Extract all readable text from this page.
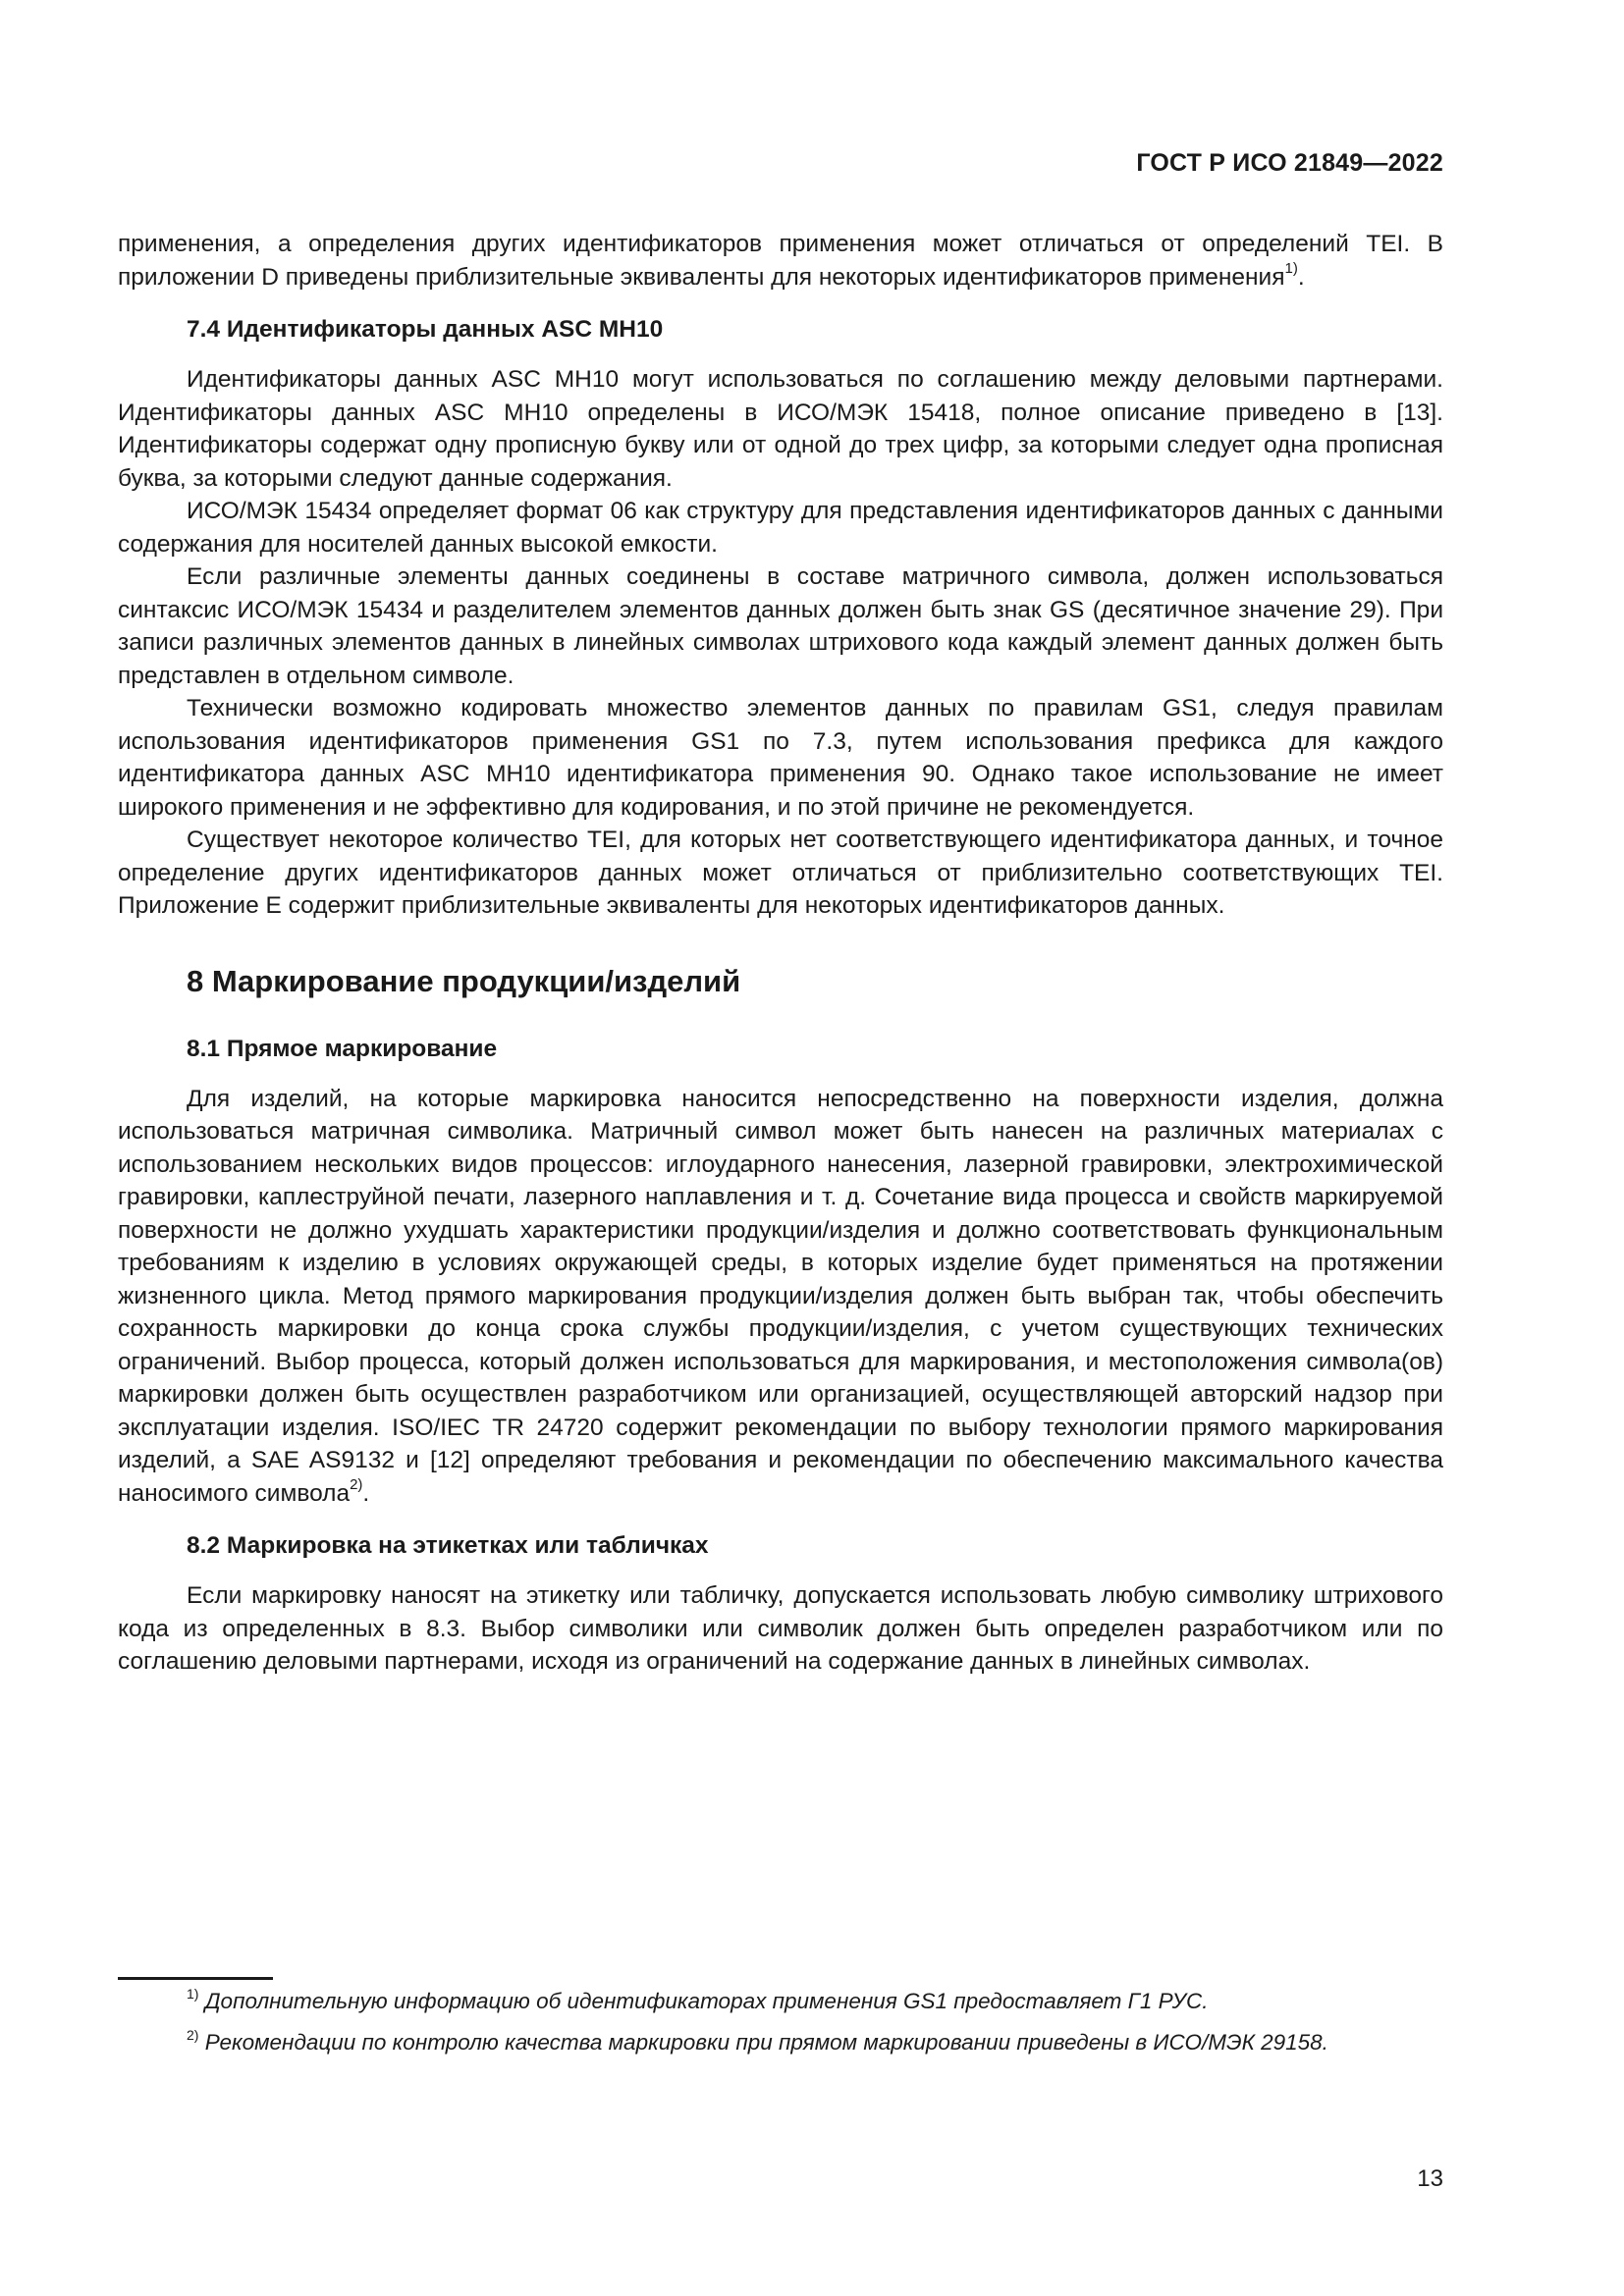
ГОСТ Р ИСО 21849—2022

применения, а определения других идентификаторов применения может отличаться от определений TEI. В приложении D приведены приблизительные эквиваленты для некоторых идентификаторов применения$^{1)}$.

7.4 Идентификаторы данных ASC MH10

Идентификаторы данных ASC MH10 могут использоваться по соглашению между деловыми партнерами. Идентификаторы данных ASC MH10 определены в ИСО/МЭК 15418, полное описание приведено в [13]. Идентификаторы содержат одну прописную букву или от одной до трех цифр, за которыми следует одна прописная буква, за которыми следуют данные содержания.

ИСО/МЭК 15434 определяет формат 06 как структуру для представления идентификаторов данных с данными содержания для носителей данных высокой емкости.

Если различные элементы данных соединены в составе матричного символа, должен использоваться синтаксис ИСО/МЭК 15434 и разделителем элементов данных должен быть знак GS (десятичное значение 29). При записи различных элементов данных в линейных символах штрихового кода каждый элемент данных должен быть представлен в отдельном символе.

Технически возможно кодировать множество элементов данных по правилам GS1, следуя правилам использования идентификаторов применения GS1 по 7.3, путем использования префикса для каждого идентификатора данных ASC MH10 идентификатора применения 90. Однако такое использование не имеет широкого применения и не эффективно для кодирования, и по этой причине не рекомендуется.

Существует некоторое количество TEI, для которых нет соответствующего идентификатора данных, и точное определение других идентификаторов данных может отличаться от приблизительно соответствующих TEI. Приложение Е содержит приблизительные эквиваленты для некоторых идентификаторов данных.

8 Маркирование продукции/изделий
8.1 Прямое маркирование

Для изделий, на которые маркировка наносится непосредственно на поверхности изделия, должна использоваться матричная символика. Матричный символ может быть нанесен на различных материалах с использованием нескольких видов процессов: иглоударного нанесения, лазерной гравировки, электрохимической гравировки, каплеструйной печати, лазерного наплавления и т. д. Сочетание вида процесса и свойств маркируемой поверхности не должно ухудшать характеристики продукции/изделия и должно соответствовать функциональным требованиям к изделию в условиях окружающей среды, в которых изделие будет применяться на протяжении жизненного цикла. Метод прямого маркирования продукции/изделия должен быть выбран так, чтобы обеспечить сохранность маркировки до конца срока службы продукции/изделия, с учетом существующих технических ограничений. Выбор процесса, который должен использоваться для маркирования, и местоположения символа(ов) маркировки должен быть осуществлен разработчиком или организацией, осуществляющей авторский надзор при эксплуатации изделия. ISO/IEC TR 24720 содержит рекомендации по выбору технологии прямого маркирования изделий, а SAE AS9132 и [12] определяют требования и рекомендации по обеспечению максимального качества наносимого символа$^{2)}$.

8.2 Маркировка на этикетках или табличках

Если маркировку наносят на этикетку или табличку, допускается использовать любую символику штрихового кода из определенных в 8.3. Выбор символики или символик должен быть определен разработчиком или по соглашению деловыми партнерами, исходя из ограничений на содержание данных в линейных символах.

$^{1)}$ Дополнительную информацию об идентификаторах применения GS1 предоставляет Г1 РУС.

$^{2)}$ Рекомендации по контролю качества маркировки при прямом маркировании приведены в ИСО/МЭК 29158.

13
